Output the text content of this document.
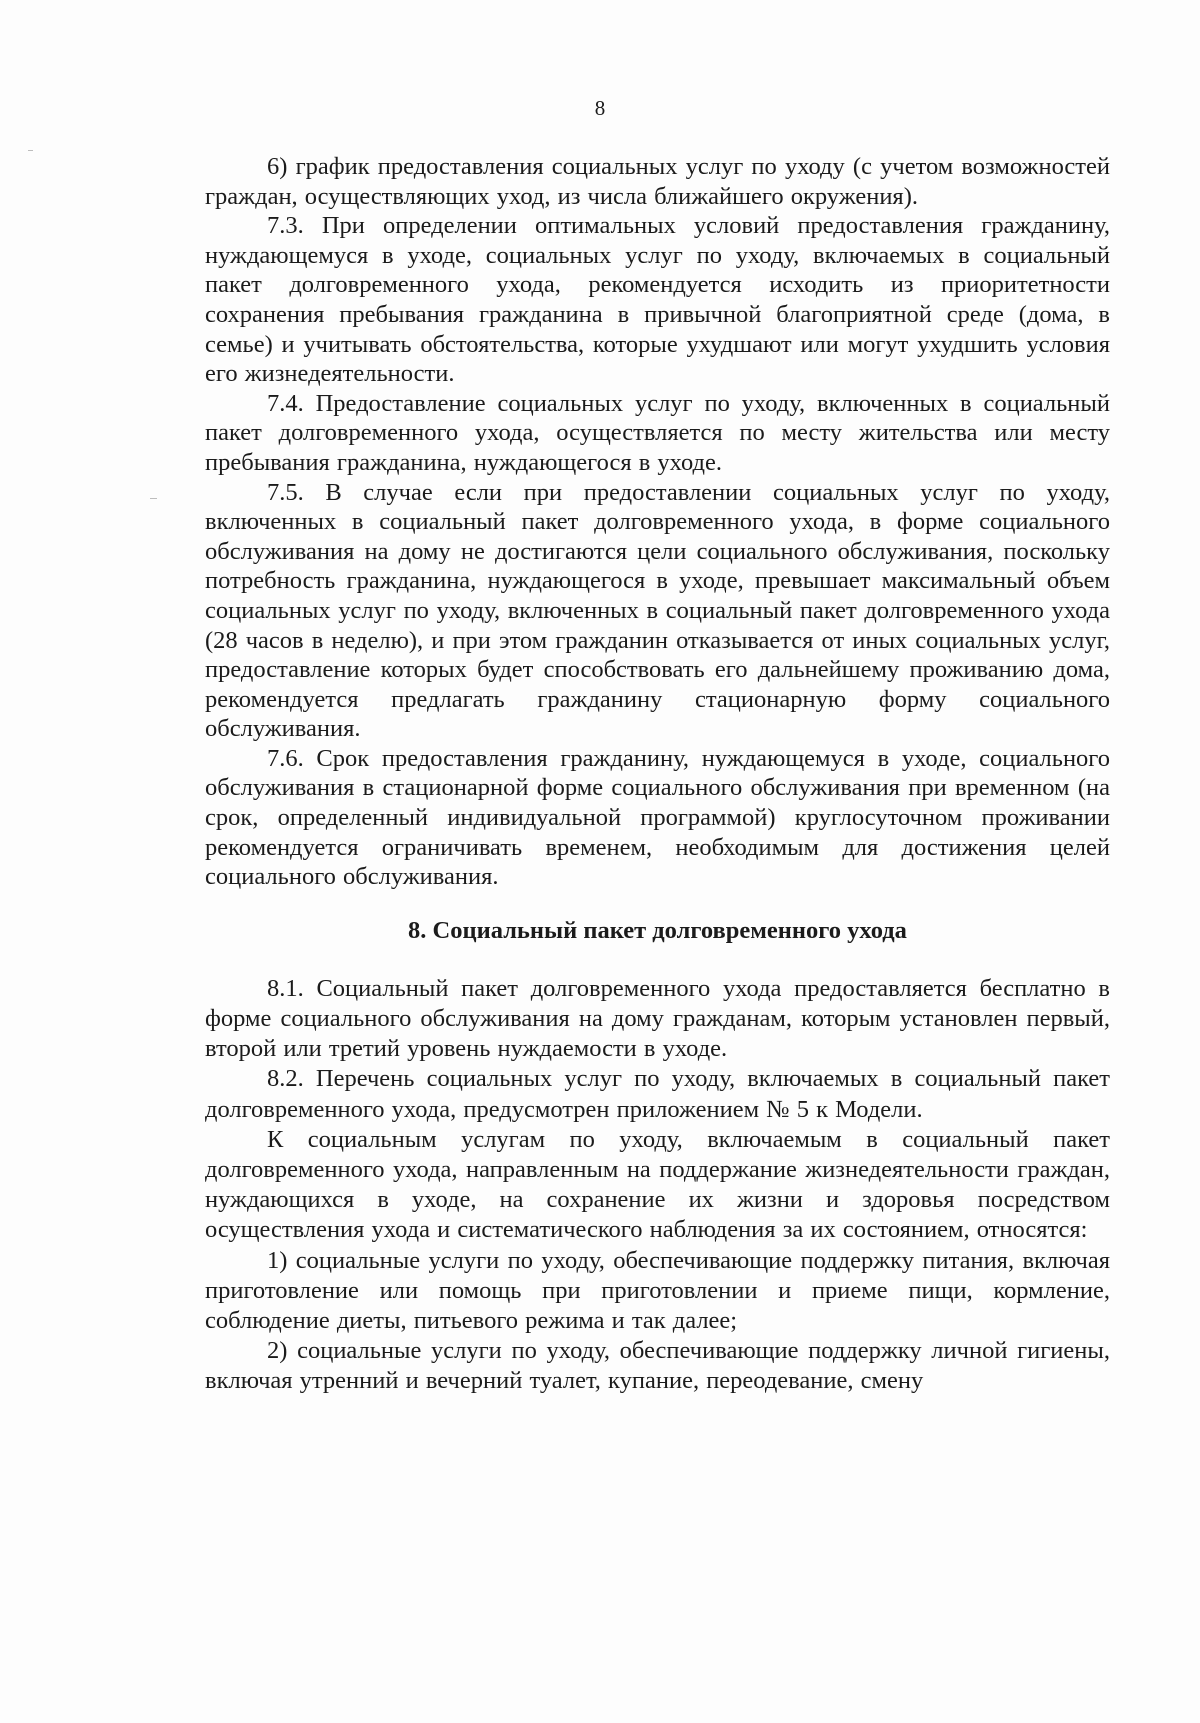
8

6) график предоставления социальных услуг по уходу (с учетом возможностей граждан, осуществляющих уход, из числа ближайшего окружения).

7.3. При определении оптимальных условий предоставления гражданину, нуждающемуся в уходе, социальных услуг по уходу, включаемых в социальный пакет долговременного ухода, рекомендуется исходить из приоритетности сохранения пребывания гражданина в привычной благоприятной среде (дома, в семье) и учитывать обстоятельства, которые ухудшают или могут ухудшить условия его жизнедеятельности.

7.4. Предоставление социальных услуг по уходу, включенных в социальный пакет долговременного ухода, осуществляется по месту жительства или месту пребывания гражданина, нуждающегося в уходе.

7.5. В случае если при предоставлении социальных услуг по уходу, включенных в социальный пакет долговременного ухода, в форме социального обслуживания на дому не достигаются цели социального обслуживания, поскольку потребность гражданина, нуждающегося в уходе, превышает максимальный объем социальных услуг по уходу, включенных в социальный пакет долговременного ухода (28 часов в неделю), и при этом гражданин отказывается от иных социальных услуг, предоставление которых будет способствовать его дальнейшему проживанию дома, рекомендуется предлагать гражданину стационарную форму социального обслуживания.

7.6. Срок предоставления гражданину, нуждающемуся в уходе, социального обслуживания в стационарной форме социального обслуживания при временном (на срок, определенный индивидуальной программой) круглосуточном проживании рекомендуется ограничивать временем, необходимым для достижения целей социального обслуживания.

8. Социальный пакет долговременного ухода

8.1. Социальный пакет долговременного ухода предоставляется бесплатно в форме социального обслуживания на дому гражданам, которым установлен первый, второй или третий уровень нуждаемости в уходе.

8.2. Перечень социальных услуг по уходу, включаемых в социальный пакет долговременного ухода, предусмотрен приложением № 5 к Модели.

К социальным услугам по уходу, включаемым в социальный пакет долговременного ухода, направленным на поддержание жизнедеятельности граждан, нуждающихся в уходе, на сохранение их жизни и здоровья посредством осуществления ухода и систематического наблюдения за их состоянием, относятся:

1) социальные услуги по уходу, обеспечивающие поддержку питания, включая приготовление или помощь при приготовлении и приеме пищи, кормление, соблюдение диеты, питьевого режима и так далее;

2) социальные услуги по уходу, обеспечивающие поддержку личной гигиены, включая утренний и вечерний туалет, купание, переодевание, смену
